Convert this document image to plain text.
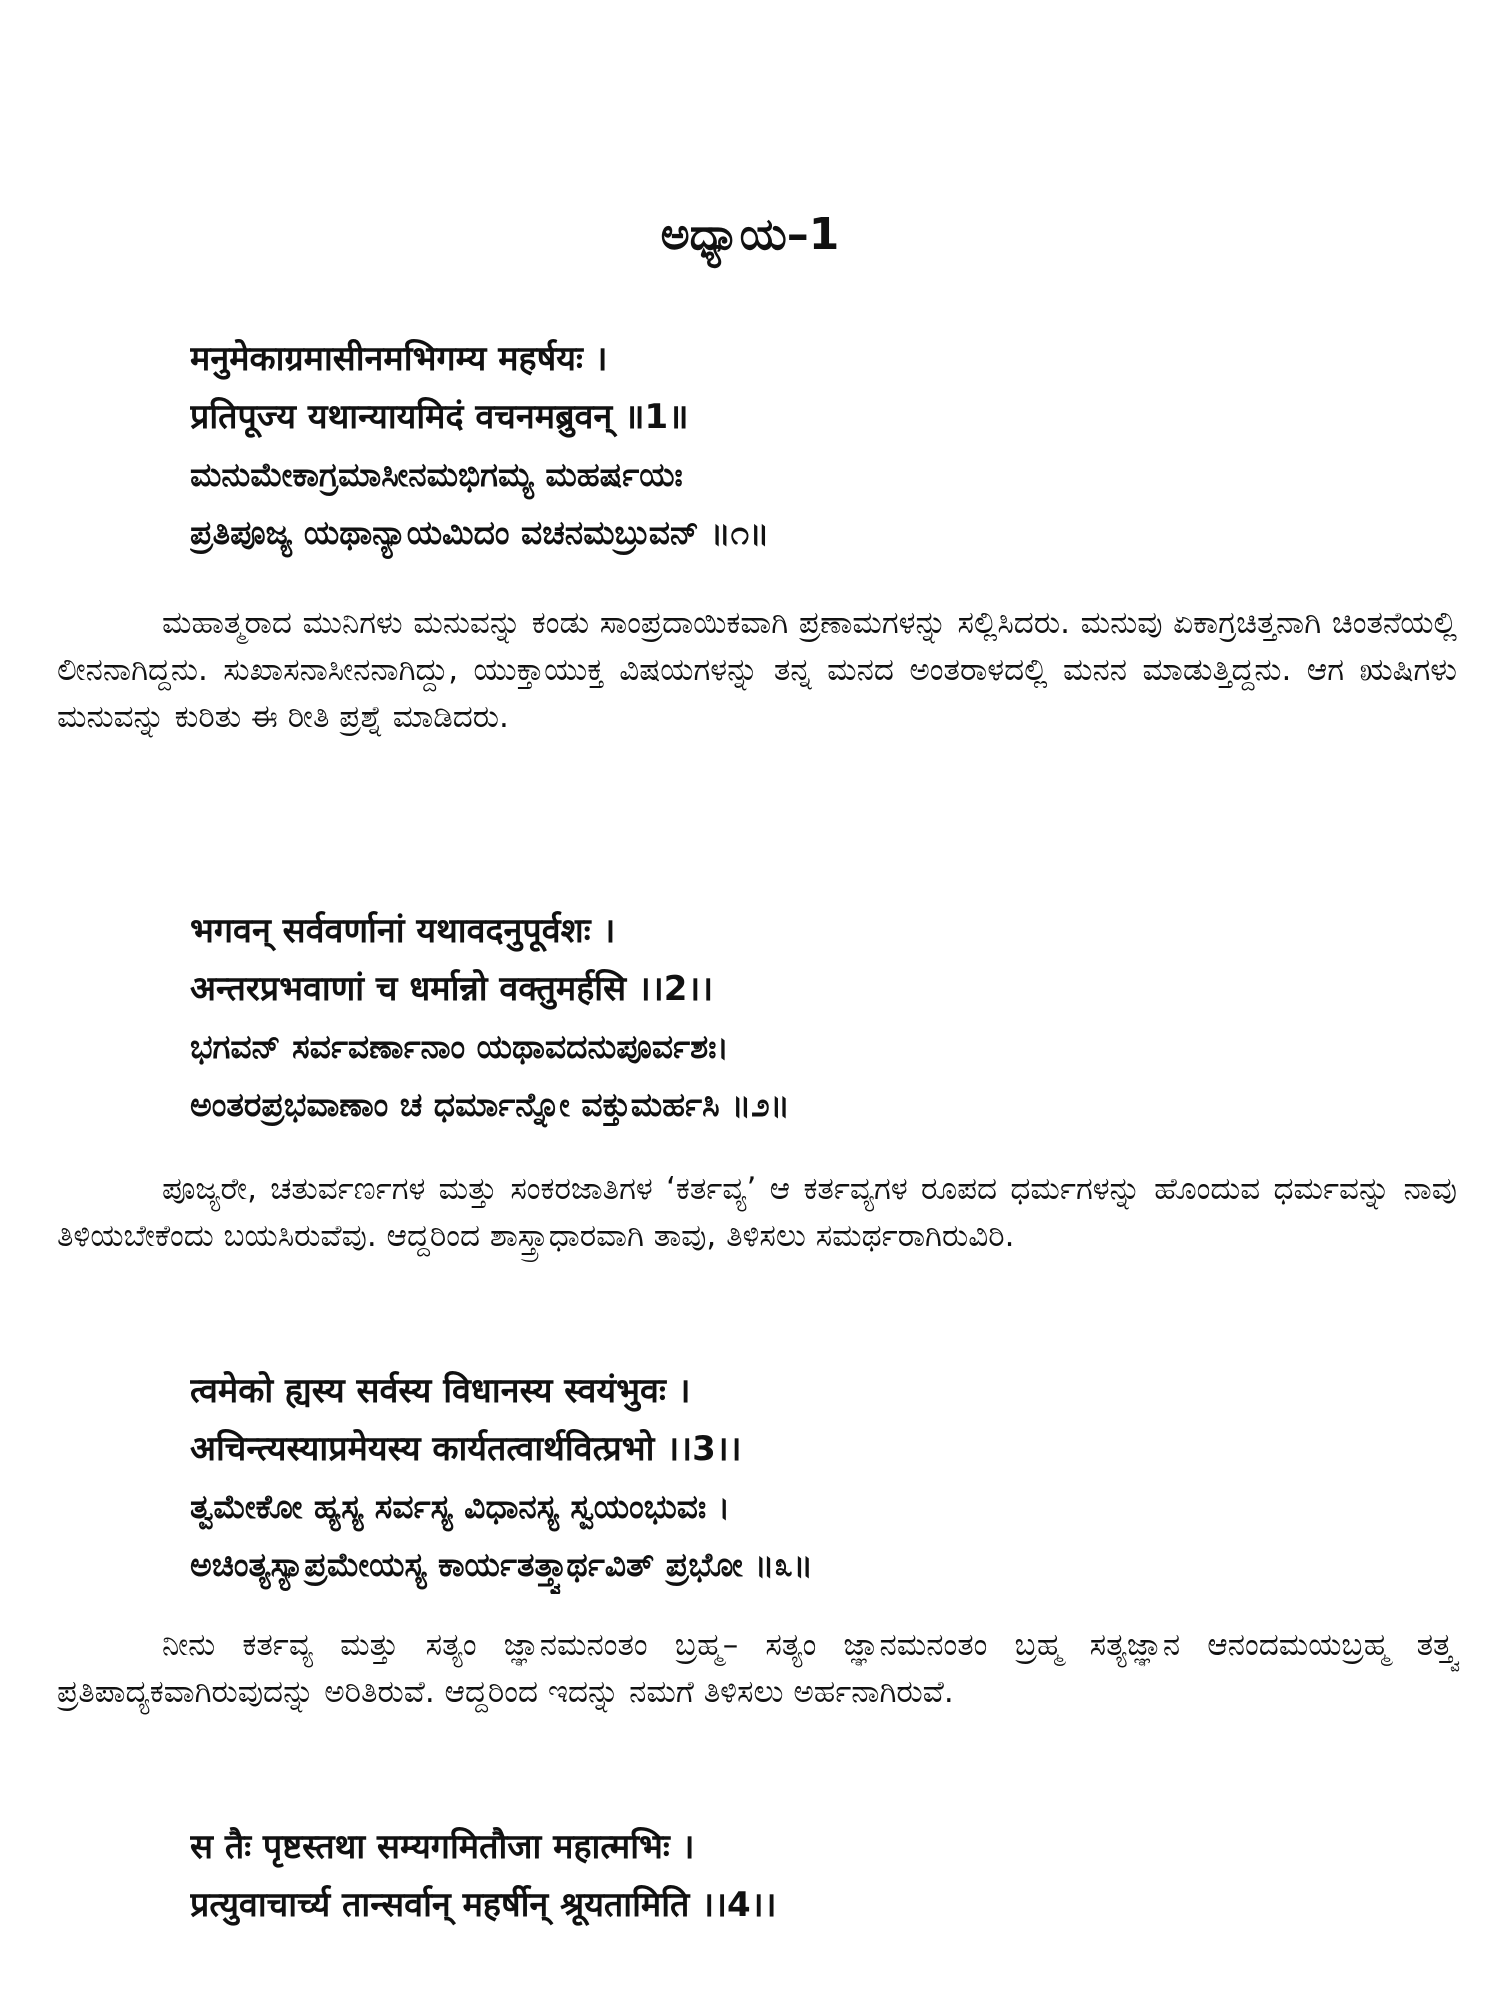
ಅಧ್ಯಾಯ–1
मनुमेकाग्रमासीनमभिगम्य महर्षयः ।
प्रतिपूज्य यथान्यायमिदं वचनमब्रुवन् ॥1॥
ಮನುಮೇಕಾಗ್ರಮಾಸೀನಮಭಿಗಮ್ಯ ಮಹರ್ಷಯಃ
ಪ್ರತಿಪೂಜ್ಯ ಯಥಾನ್ಯಾಯಮಿದಂ ವಚನಮಬ್ರುವನ್ ॥೧॥

ಮಹಾತ್ಮರಾದ ಮುನಿಗಳು ಮನುವನ್ನು ಕಂಡು ಸಾಂಪ್ರದಾಯಿಕವಾಗಿ ಪ್ರಣಾಮಗಳನ್ನು ಸಲ್ಲಿಸಿದರು. ಮನುವು ಏಕಾಗ್ರಚಿತ್ತನಾಗಿ ಚಿಂತನೆಯಲ್ಲಿ ಲೀನನಾಗಿದ್ದನು. ಸುಖಾಸನಾಸೀನನಾಗಿದ್ದು, ಯುಕ್ತಾಯುಕ್ತ ವಿಷಯಗಳನ್ನು ತನ್ನ ಮನದ ಅಂತರಾಳದಲ್ಲಿ ಮನನ ಮಾಡುತ್ತಿದ್ದನು. ಆಗ ಋಷಿಗಳು ಮನುವನ್ನು ಕುರಿತು ಈ ರೀತಿ ಪ್ರಶ್ನೆ ಮಾಡಿದರು.

भगवन् सर्ववर्णानां यथावदनुपूर्वशः ।
अन्तरप्रभवाणां च धर्मान्नो वक्तुमर्हसि ।।2।।
ಭಗವನ್ ಸರ್ವವರ್ಣಾನಾಂ ಯಥಾವದನುಪೂರ್ವಶಃ।
ಅಂತರಪ್ರಭವಾಣಾಂ ಚ ಧರ್ಮಾನ್ನೋ ವಕ್ತುಮರ್ಹಸಿ ॥೨॥

ಪೂಜ್ಯರೇ, ಚತುರ್ವರ್ಣಗಳ ಮತ್ತು ಸಂಕರಜಾತಿಗಳ ‘ಕರ್ತವ್ಯ’ ಆ ಕರ್ತವ್ಯಗಳ ರೂಪದ ಧರ್ಮಗಳನ್ನು ಹೊಂದುವ ಧರ್ಮವನ್ನು ನಾವು ತಿಳಿಯಬೇಕೆಂದು ಬಯಸಿರುವೆವು. ಆದ್ದರಿಂದ ಶಾಸ್ತ್ರಾಧಾರವಾಗಿ ತಾವು, ತಿಳಿಸಲು ಸಮರ್ಥರಾಗಿರುವಿರಿ.

त्वमेको ह्यस्य सर्वस्य विधानस्य स्वयंभुवः ।
अचिन्त्यस्याप्रमेयस्य कार्यतत्वार्थवित्प्रभो ।।3।।
ತ್ವಮೇಕೋ ಹ್ಯಸ್ಯ ಸರ್ವಸ್ಯ ವಿಧಾನಸ್ಯ ಸ್ವಯಂಭುವಃ ।
ಅಚಿಂತ್ಯಸ್ಯಾಪ್ರಮೇಯಸ್ಯ ಕಾರ್ಯತತ್ತ್ವಾರ್ಥವಿತ್ ಪ್ರಭೋ ॥೩॥

ನೀನು ಕರ್ತವ್ಯ ಮತ್ತು ಸತ್ಯಂ ಜ್ಞಾನಮನಂತಂ ಬ್ರಹ್ಮ– ಸತ್ಯಂ ಜ್ಞಾನಮನಂತಂ ಬ್ರಹ್ಮ ಸತ್ಯಜ್ಞಾನ ಆನಂದಮಯಬ್ರಹ್ಮ ತತ್ತ್ವ ಪ್ರತಿಪಾದ್ಯಕವಾಗಿರುವುದನ್ನು ಅರಿತಿರುವೆ. ಆದ್ದರಿಂದ ಇದನ್ನು ನಮಗೆ ತಿಳಿಸಲು ಅರ್ಹನಾಗಿರುವೆ.

स तैः पृष्टस्तथा सम्यगमितौजा महात्मभिः ।
प्रत्युवाचार्च्य तान्सर्वान् महर्षीन् श्रूयतामिति ।।4।।
